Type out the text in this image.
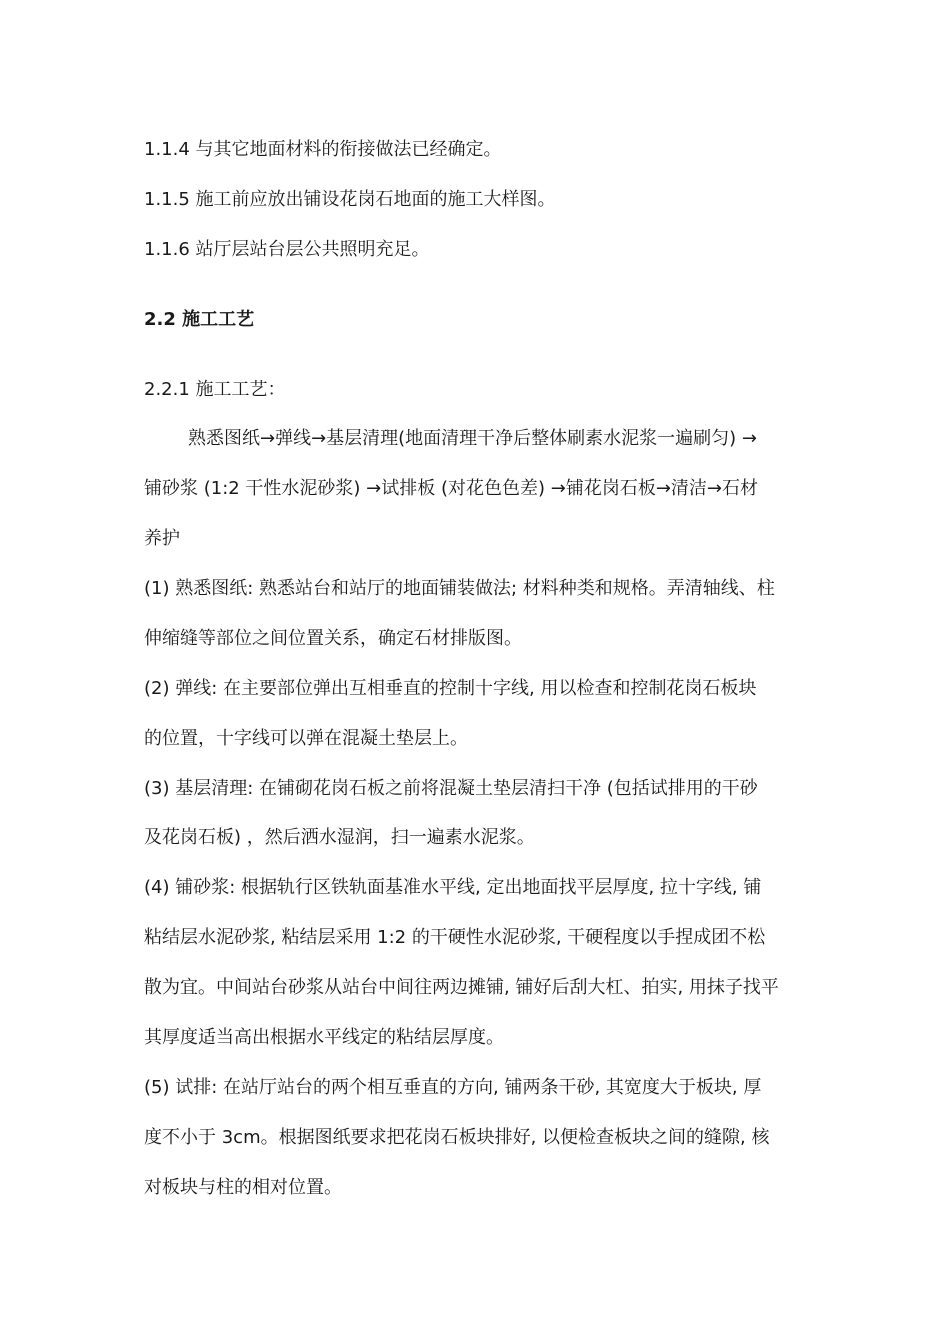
1.1.4 与其它地面材料的衔接做法已经确定。
1.1.5 施工前应放出铺设花岗石地面的施工大样图。
1.1.6 站厅层站台层公共照明充足。
2.2 施工工艺
2.2.1 施工工艺：
熟悉图纸→弹线→基层清理(地面清理干净后整体刷素水泥浆一遍刷匀) →
铺砂浆 (1:2 干性水泥砂浆) →试排板 (对花色色差) →铺花岗石板→清洁→石材
养护
(1) 熟悉图纸: 熟悉站台和站厅的地面铺装做法; 材料种类和规格。弄清轴线、柱
伸缩缝等部位之间位置关系，确定石材排版图。
(2) 弹线: 在主要部位弹出互相垂直的控制十字线, 用以检查和控制花岗石板块
的位置，十字线可以弹在混凝土垫层上。
(3) 基层清理: 在铺砌花岗石板之前将混凝土垫层清扫干净 (包括试排用的干砂
及花岗石板) ，然后洒水湿润，扫一遍素水泥浆。
(4) 铺砂浆: 根据轨行区铁轨面基准水平线, 定出地面找平层厚度, 拉十字线, 铺
粘结层水泥砂浆, 粘结层采用 1:2 的干硬性水泥砂浆, 干硬程度以手捏成团不松
散为宜。中间站台砂浆从站台中间往两边摊铺, 铺好后刮大杠、拍实, 用抹子找平
其厚度适当高出根据水平线定的粘结层厚度。
(5) 试排: 在站厅站台的两个相互垂直的方向, 铺两条干砂, 其宽度大于板块, 厚
度不小于 3cm。根据图纸要求把花岗石板块排好, 以便检查板块之间的缝隙, 核
对板块与柱的相对位置。
